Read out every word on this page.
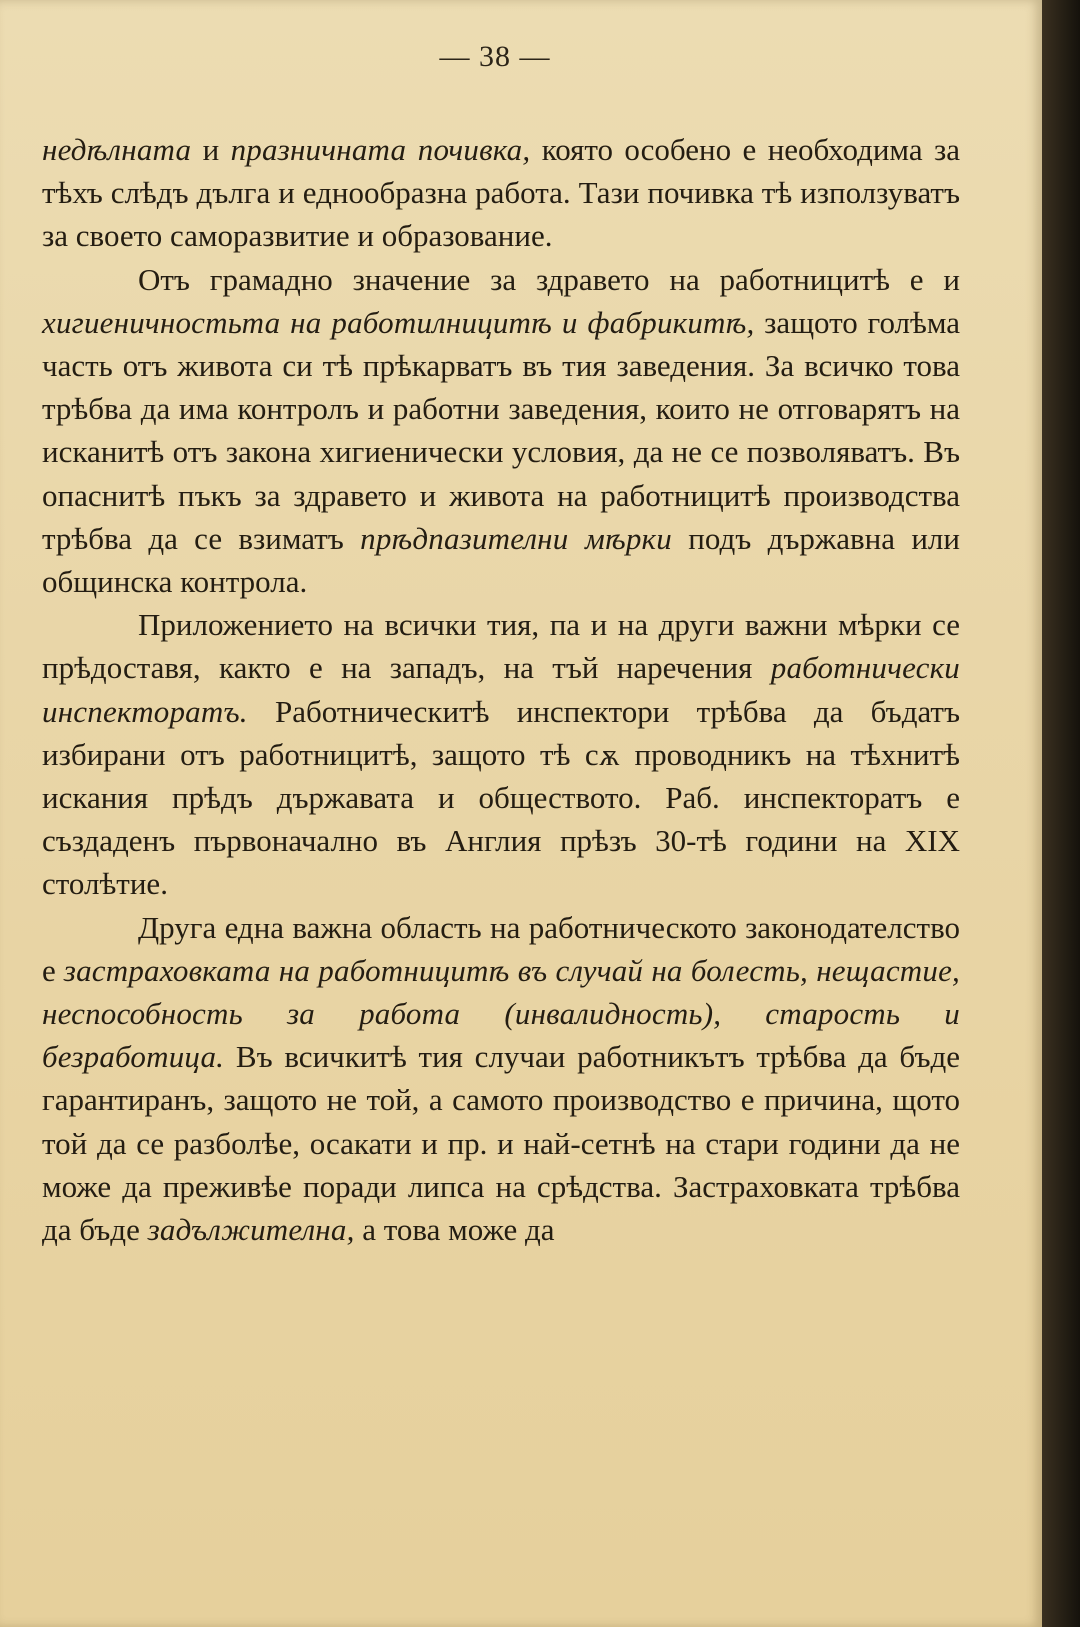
— 38 —

недѣлната и празничната почивка, която особено е необходима за тѣхъ слѣдъ дълга и еднообразна работа. Тази почивка тѣ използуватъ за своето саморазвитие и образование.

Отъ грамадно значение за здравето на работницитѣ е и хигиеничностьта на работилницитѣ и фабрикитѣ, защото голѣма часть отъ живота си тѣ прѣкарватъ въ тия заведения. За всичко това трѣбва да има контролъ и работни заведения, които не отговарятъ на исканитѣ отъ закона хигиенически условия, да не се позволяватъ. Въ опаснитѣ пъкъ за здравето и живота на работницитѣ производства трѣбва да се взиматъ прѣдпазителни мѣрки подъ държавна или общинска контрола.

Приложението на всички тия, па и на други важни мѣрки се прѣдоставя, както е на западъ, на тъй наречения работнически инспекторатъ. Работническитѣ инспектори трѣбва да бъдатъ избирани отъ работницитѣ, защото тѣ сѫ проводникъ на тѣхнитѣ искания прѣдъ държавата и обществото. Раб. инспекторатъ е създаденъ първоначално въ Англия прѣзъ 30-тѣ години на XIX столѣтие.

Друга една важна область на работническото законодателство е застраховката на работницитѣ въ случай на болесть, нещастие, неспособность за работа (инвалидность), старость и безработица. Въ всичкитѣ тия случаи работникътъ трѣбва да бъде гарантиранъ, защото не той, а самото производство е причина, щото той да се разболѣе, осакати и пр. и най-сетнѣ на стари години да не може да преживѣе поради липса на срѣдства. Застраховката трѣбва да бъде задължителна, а това може да
